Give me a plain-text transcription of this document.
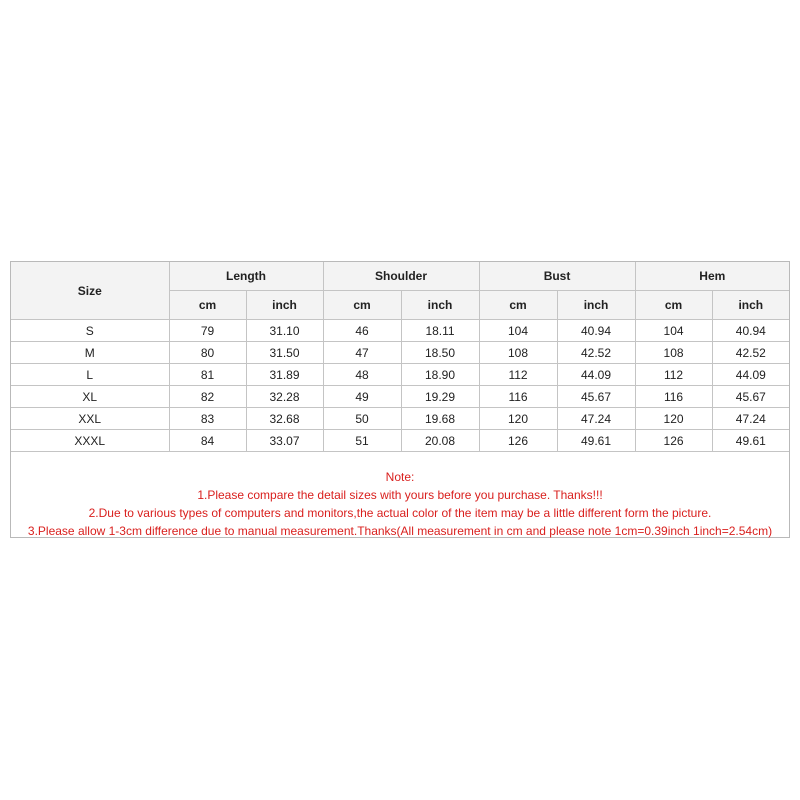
Size	Length		Shoulder		Bust		Hem	
	cm	inch	cm	inch	cm	inch	cm	inch
S	79	31.10	46	18.11	104	40.94	104	40.94
M	80	31.50	47	18.50	108	42.52	108	42.52
L	81	31.89	48	18.90	112	44.09	112	44.09
XL	82	32.28	49	19.29	116	45.67	116	45.67
XXL	83	32.68	50	19.68	120	47.24	120	47.24
XXXL	84	33.07	51	20.08	126	49.61	126	49.61
Note:
1.Please compare the detail sizes with yours before you purchase. Thanks!!!
2.Due to various types of computers and monitors,the actual color of the item may be a little different form the picture.
3.Please allow 1-3cm difference due to manual measurement.Thanks(All measurement in cm and please note 1cm=0.39inch 1inch=2.54cm)
